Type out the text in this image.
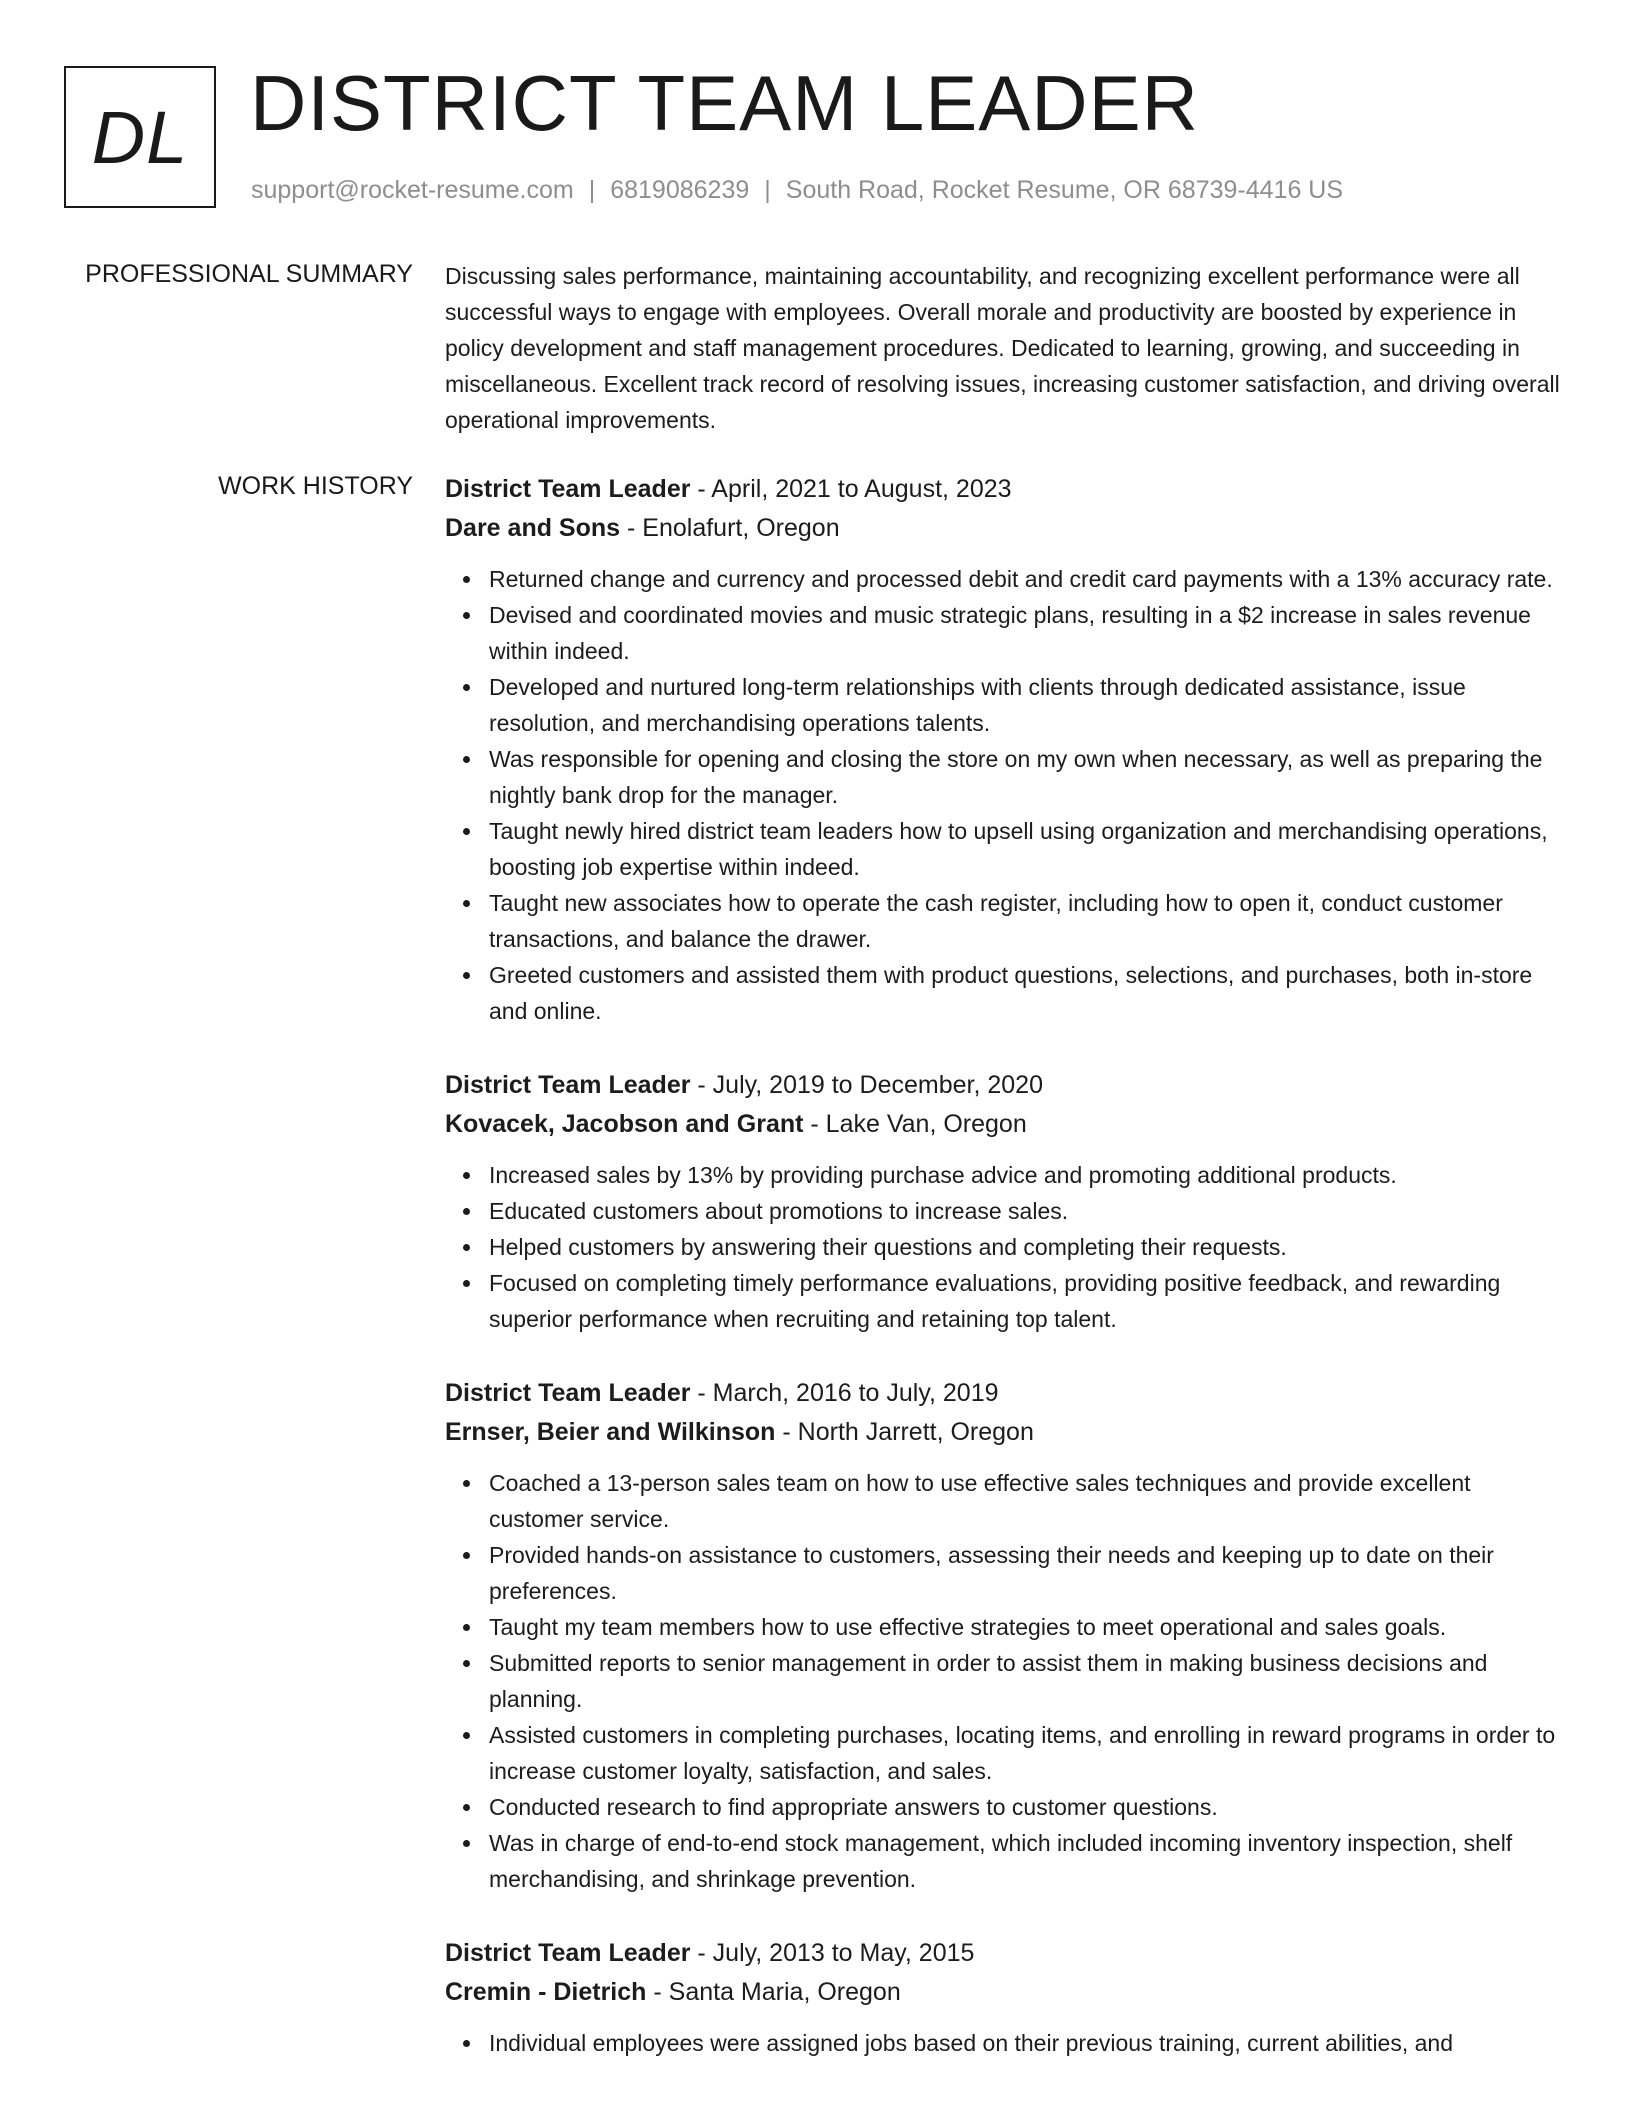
DL DISTRICT TEAM LEADER
support@rocket-resume.com | 6819086239 | South Road, Rocket Resume, OR 68739-4416 US
PROFESSIONAL SUMMARY Discussing sales performance, maintaining accountability, and recognizing excellent performance were all successful ways to engage with employees. Overall morale and productivity are boosted by experience in policy development and staff management procedures. Dedicated to learning, growing, and succeeding in miscellaneous. Excellent track record of resolving issues, increasing customer satisfaction, and driving overall operational improvements.

WORK HISTORY District Team Leader - April, 2021 to August, 2023
Dare and Sons - Enolafurt, Oregon
Returned change and currency and processed debit and credit card payments with a 13% accuracy rate.
Devised and coordinated movies and music strategic plans, resulting in a $2 increase in sales revenue within indeed.
Developed and nurtured long-term relationships with clients through dedicated assistance, issue resolution, and merchandising operations talents.
Was responsible for opening and closing the store on my own when necessary, as well as preparing the nightly bank drop for the manager.
Taught newly hired district team leaders how to upsell using organization and merchandising operations, boosting job expertise within indeed.
Taught new associates how to operate the cash register, including how to open it, conduct customer transactions, and balance the drawer.
Greeted customers and assisted them with product questions, selections, and purchases, both in-store and online.
District Team Leader - July, 2019 to December, 2020
Kovacek, Jacobson and Grant - Lake Van, Oregon
Increased sales by 13% by providing purchase advice and promoting additional products.
Educated customers about promotions to increase sales.
Helped customers by answering their questions and completing their requests.
Focused on completing timely performance evaluations, providing positive feedback, and rewarding superior performance when recruiting and retaining top talent.
District Team Leader - March, 2016 to July, 2019
Ernser, Beier and Wilkinson - North Jarrett, Oregon
Coached a 13-person sales team on how to use effective sales techniques and provide excellent customer service.
Provided hands-on assistance to customers, assessing their needs and keeping up to date on their preferences.
Taught my team members how to use effective strategies to meet operational and sales goals.
Submitted reports to senior management in order to assist them in making business decisions and planning.
Assisted customers in completing purchases, locating items, and enrolling in reward programs in order to increase customer loyalty, satisfaction, and sales.
Conducted research to find appropriate answers to customer questions.
Was in charge of end-to-end stock management, which included incoming inventory inspection, shelf merchandising, and shrinkage prevention.
District Team Leader - July, 2013 to May, 2015
Cremin - Dietrich - Santa Maria, Oregon
Individual employees were assigned jobs based on their previous training, current abilities, and
